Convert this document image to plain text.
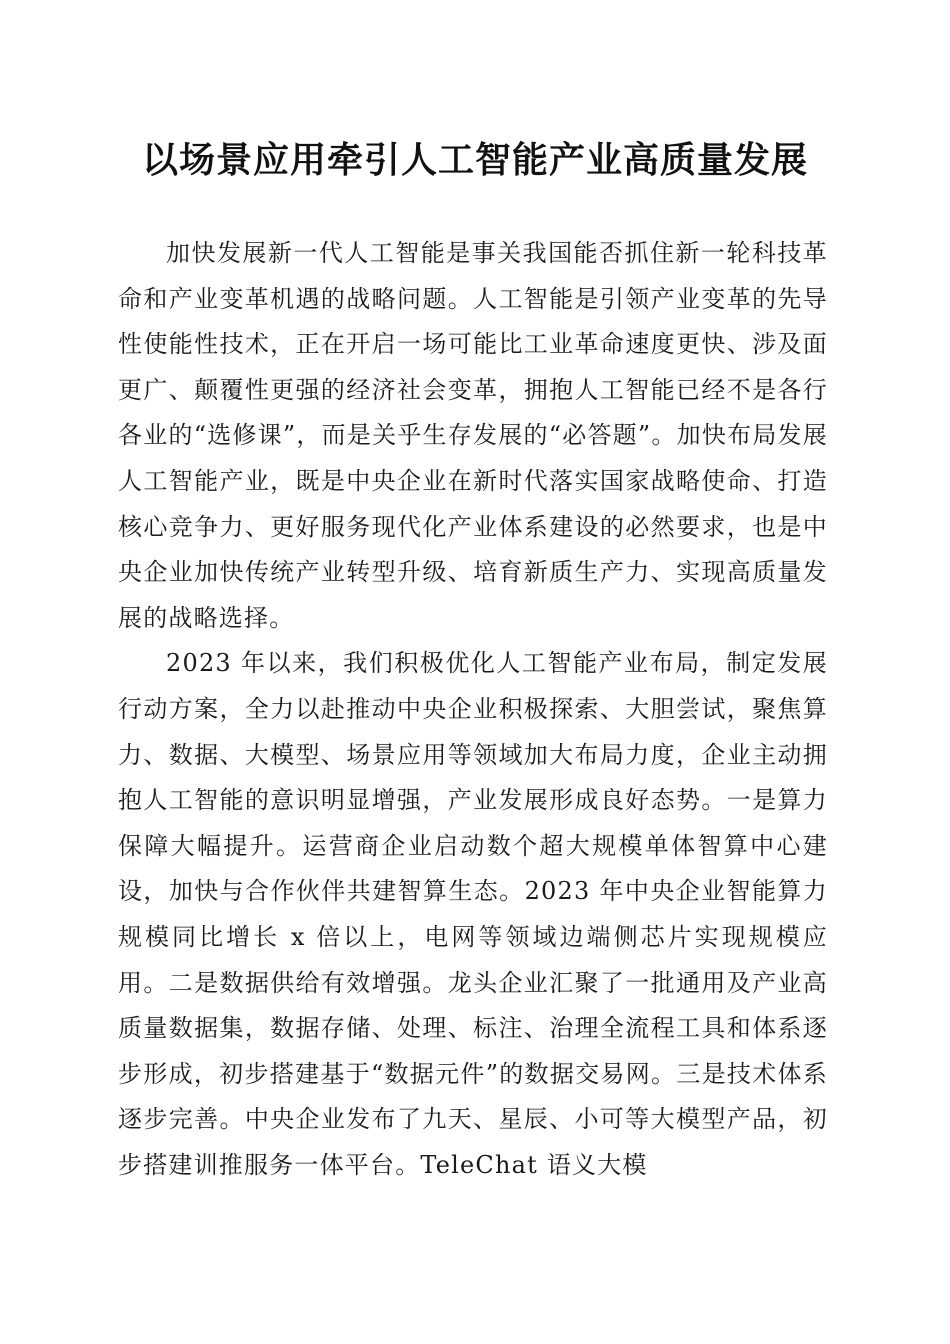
以场景应用牵引人工智能产业高质量发展

加快发展新一代人工智能是事关我国能否抓住新一轮科技革命和产业变革机遇的战略问题。人工智能是引领产业变革的先导性使能性技术，正在开启一场可能比工业革命速度更快、涉及面更广、颠覆性更强的经济社会变革，拥抱人工智能已经不是各行各业的“选修课”，而是关乎生存发展的“必答题”。加快布局发展人工智能产业，既是中央企业在新时代落实国家战略使命、打造核心竞争力、更好服务现代化产业体系建设的必然要求，也是中央企业加快传统产业转型升级、培育新质生产力、实现高质量发展的战略选择。

2023 年以来，我们积极优化人工智能产业布局，制定发展行动方案，全力以赴推动中央企业积极探索、大胆尝试，聚焦算力、数据、大模型、场景应用等领域加大布局力度，企业主动拥抱人工智能的意识明显增强，产业发展形成良好态势。一是算力保障大幅提升。运营商企业启动数个超大规模单体智算中心建设，加快与合作伙伴共建智算生态。2023 年中央企业智能算力规模同比增长 x 倍以上，电网等领域边端侧芯片实现规模应用。二是数据供给有效增强。龙头企业汇聚了一批通用及产业高质量数据集，数据存储、处理、标注、治理全流程工具和体系逐步形成，初步搭建基于“数据元件”的数据交易网。三是技术体系逐步完善。中央企业发布了九天、星辰、小可等大模型产品，初步搭建训推服务一体平台。TeleChat 语义大模
